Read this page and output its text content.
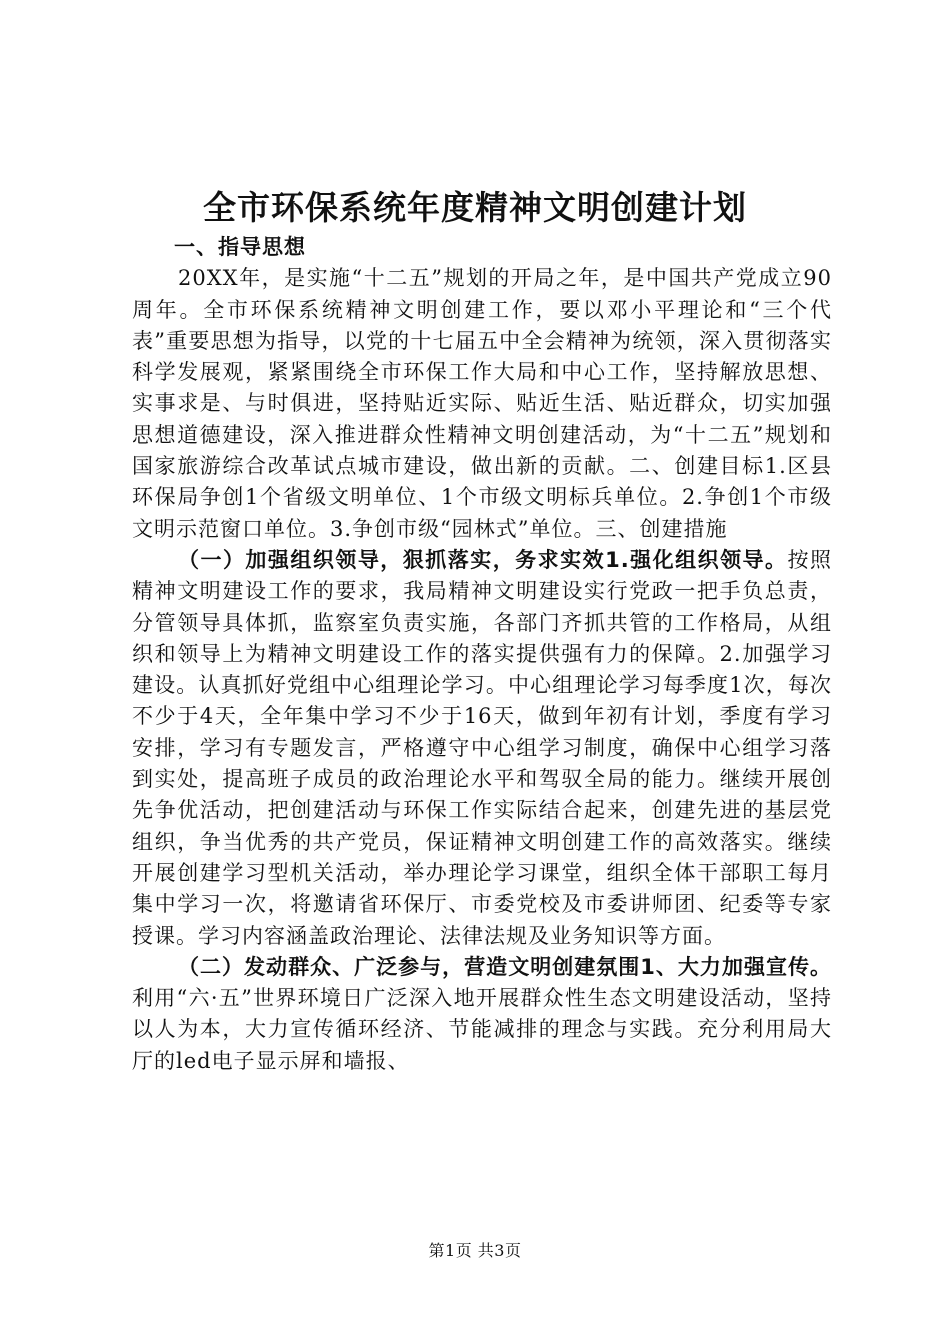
全市环保系统年度精神文明创建计划

一、指导思想

20XX年，是实施“十二五”规划的开局之年，是中国共产党成立90周年。全市环保系统精神文明创建工作，要以邓小平理论和“三个代表”重要思想为指导，以党的十七届五中全会精神为统领，深入贯彻落实科学发展观，紧紧围绕全市环保工作大局和中心工作，坚持解放思想、实事求是、与时俱进，坚持贴近实际、贴近生活、贴近群众，切实加强思想道德建设，深入推进群众性精神文明创建活动，为“十二五”规划和国家旅游综合改革试点城市建设，做出新的贡献。二、创建目标1.区县环保局争创1个省级文明单位、1个市级文明标兵单位。2.争创1个市级文明示范窗口单位。3.争创市级“园林式”单位。三、创建措施

（一）加强组织领导，狠抓落实，务求实效1.强化组织领导。按照精神文明建设工作的要求，我局精神文明建设实行党政一把手负总责，分管领导具体抓，监察室负责实施，各部门齐抓共管的工作格局，从组织和领导上为精神文明建设工作的落实提供强有力的保障。2.加强学习建设。认真抓好党组中心组理论学习。中心组理论学习每季度1次，每次不少于4天，全年集中学习不少于16天，做到年初有计划，季度有学习安排，学习有专题发言，严格遵守中心组学习制度，确保中心组学习落到实处，提高班子成员的政治理论水平和驾驭全局的能力。继续开展创先争优活动，把创建活动与环保工作实际结合起来，创建先进的基层党组织，争当优秀的共产党员，保证精神文明创建工作的高效落实。继续开展创建学习型机关活动，举办理论学习课堂，组织全体干部职工每月集中学习一次，将邀请省环保厅、市委党校及市委讲师团、纪委等专家授课。学习内容涵盖政治理论、法律法规及业务知识等方面。

（二）发动群众、广泛参与，营造文明创建氛围1、大力加强宣传。利用“六·五”世界环境日广泛深入地开展群众性生态文明建设活动，坚持以人为本，大力宣传循环经济、节能减排的理念与实践。充分利用局大厅的led电子显示屏和墙报、

第1页 共3页
